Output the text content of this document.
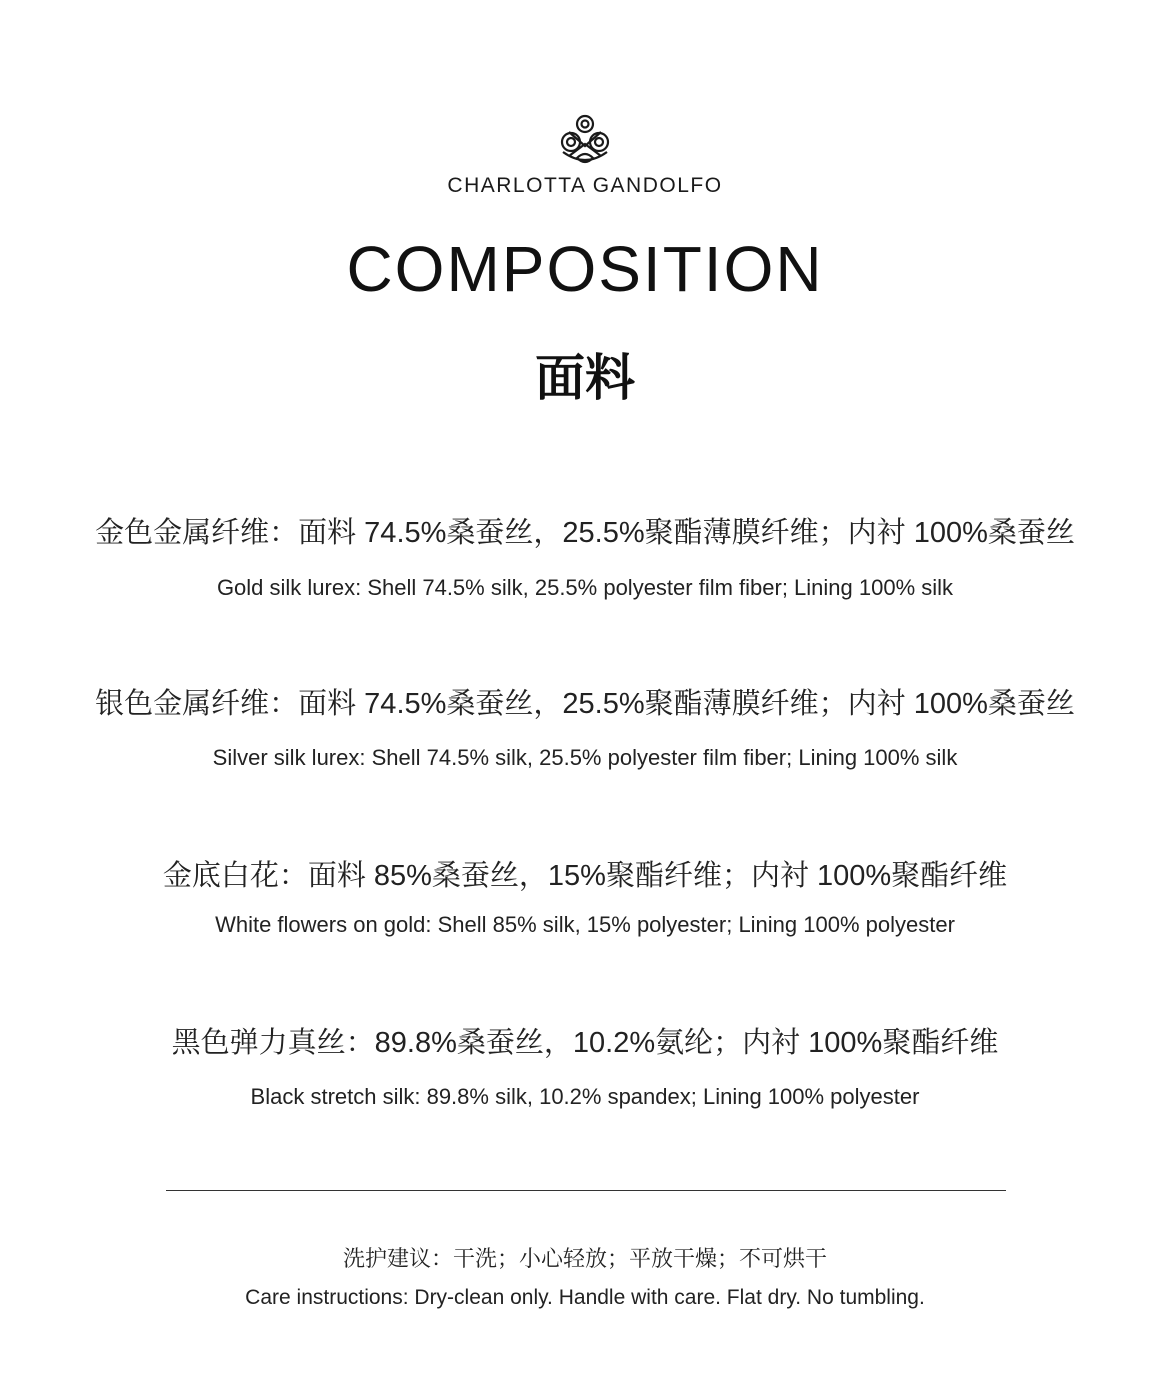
CHARLOTTA GANDOLFO
COMPOSITION
面料
金色金属纤维：面料 74.5%桑蚕丝，25.5%聚酯薄膜纤维；内衬 100%桑蚕丝
Gold silk lurex: Shell 74.5% silk, 25.5% polyester film fiber; Lining 100% silk
银色金属纤维：面料 74.5%桑蚕丝，25.5%聚酯薄膜纤维；内衬 100%桑蚕丝
Silver silk lurex: Shell 74.5% silk, 25.5% polyester film fiber; Lining 100% silk
金底白花：面料 85%桑蚕丝，15%聚酯纤维；内衬 100%聚酯纤维
White flowers on gold: Shell 85% silk, 15% polyester; Lining 100% polyester
黑色弹力真丝：89.8%桑蚕丝，10.2%氨纶；内衬 100%聚酯纤维
Black stretch silk: 89.8% silk, 10.2% spandex; Lining 100% polyester
洗护建议：干洗；小心轻放；平放干燥；不可烘干
Care instructions: Dry-clean only. Handle with care. Flat dry. No tumbling.
